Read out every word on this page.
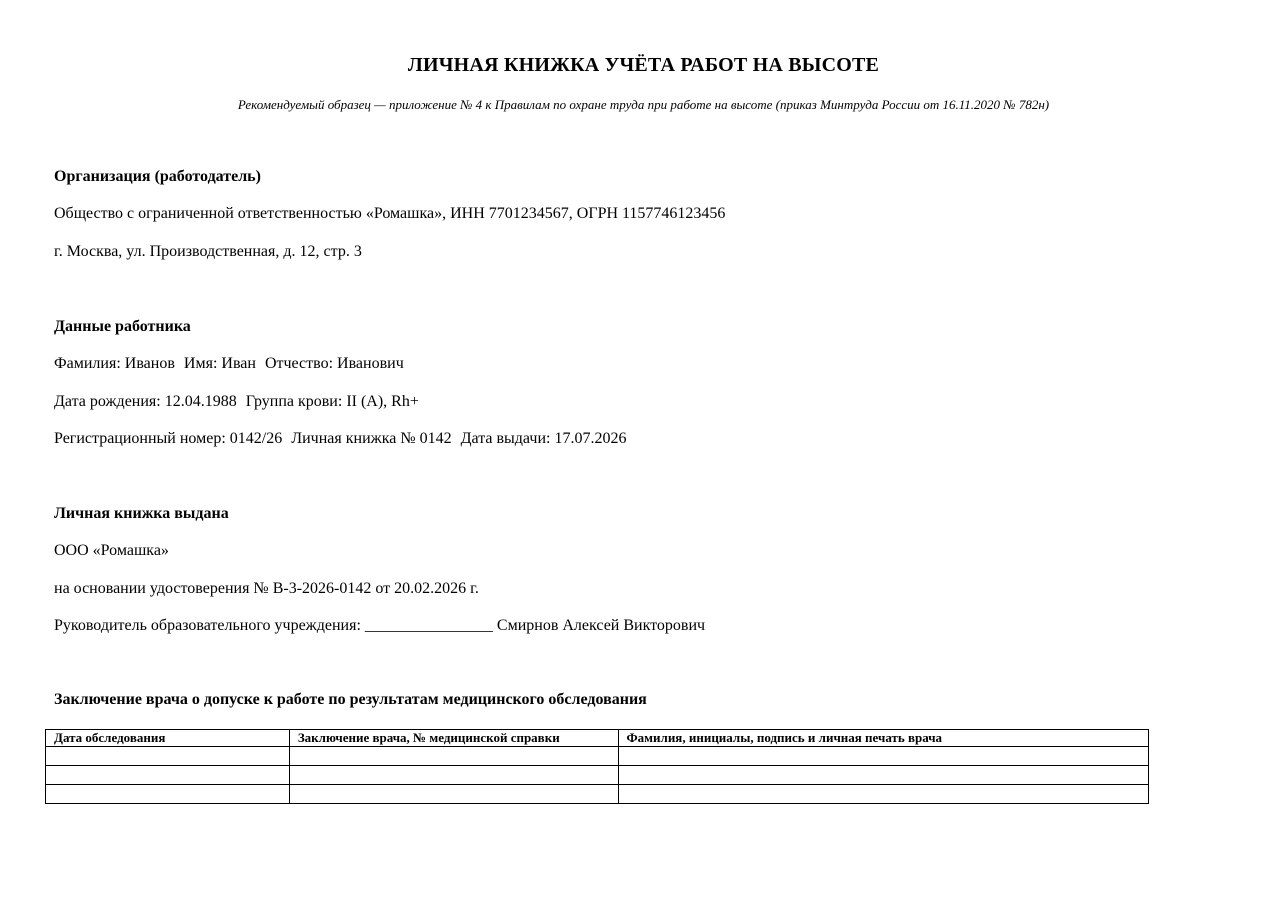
ЛИЧНАЯ КНИЖКА УЧЁТА РАБОТ НА ВЫСОТЕ
Рекомендуемый образец — приложение № 4 к Правилам по охране труда при работе на высоте (приказ Минтруда России от 16.11.2020 № 782н)
Организация (работодатель)
Общество с ограниченной ответственностью «Ромашка», ИНН 7701234567, ОГРН 1157746123456
г. Москва, ул. Производственная, д. 12, стр. 3
Данные работника
Фамилия: Иванов Имя: Иван Отчество: Иванович
Дата рождения: 12.04.1988 Группа крови: II (A), Rh+
Регистрационный номер: 0142/26 Личная книжка № 0142 Дата выдачи: 17.07.2026
Личная книжка выдана
ООО «Ромашка»
на основании удостоверения № В-3-2026-0142 от 20.02.2026 г.
Руководитель образовательного учреждения: ________________ Смирнов Алексей Викторович
Заключение врача о допуске к работе по результатам медицинского обследования
Дата обследования	Заключение врача, № медицинской справки	Фамилия, инициалы, подпись и личная печать врача
